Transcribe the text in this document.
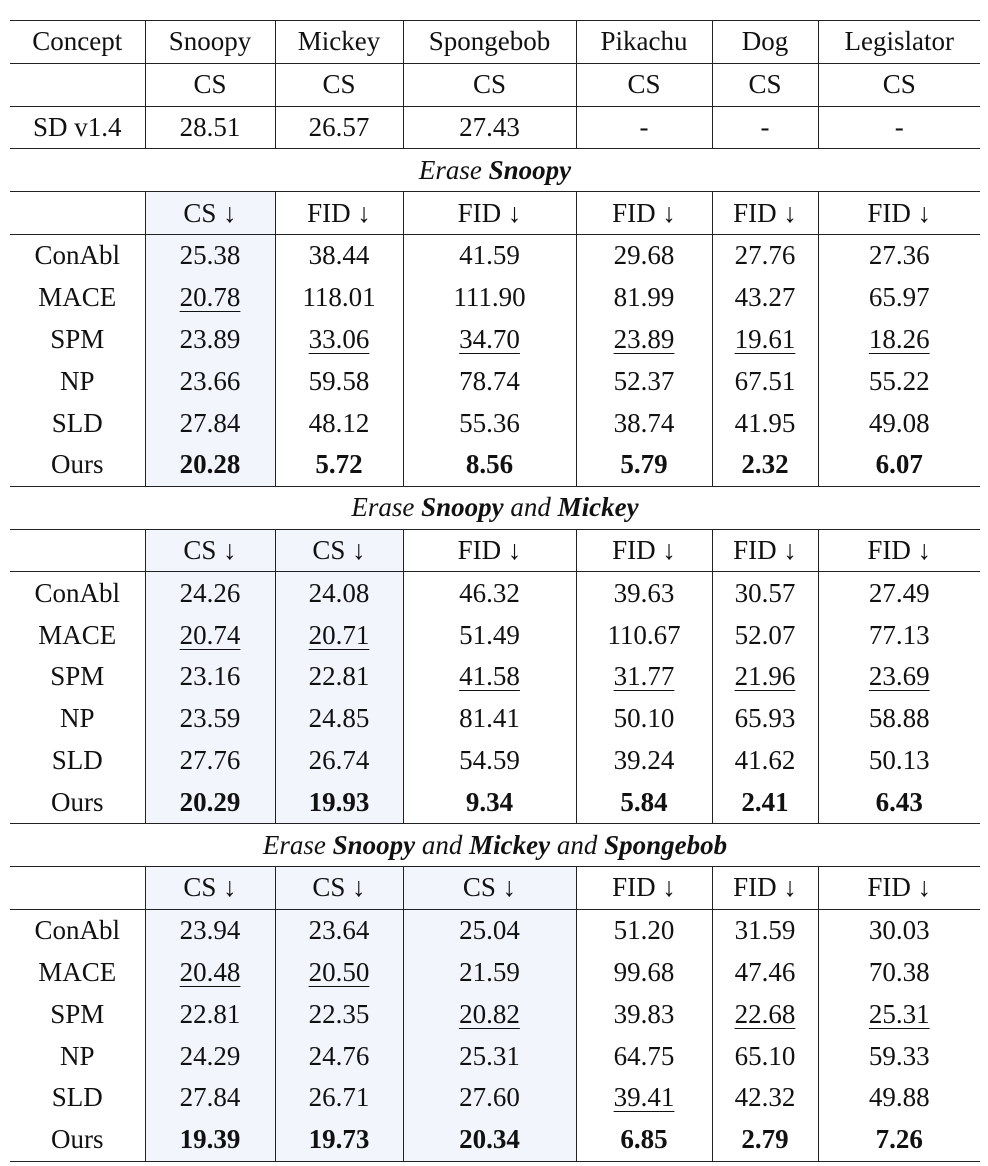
Concept	Snoopy	Mickey	Spongebob	Pikachu	Dog	Legislator
	CS	CS	CS	CS	CS	CS
SD v1.4	28.51	26.57	27.43	-	-	-
Erase Snoopy						
	CS ↓	FID ↓	FID ↓	FID ↓	FID ↓	FID ↓
ConAbl	25.38	38.44	41.59	29.68	27.76	27.36
MACE	20.78	118.01	111.90	81.99	43.27	65.97
SPM	23.89	33.06	34.70	23.89	19.61	18.26
NP	23.66	59.58	78.74	52.37	67.51	55.22
SLD	27.84	48.12	55.36	38.74	41.95	49.08
Ours	20.28	5.72	8.56	5.79	2.32	6.07
Erase Snoopy and Mickey						
	CS ↓	CS ↓	FID ↓	FID ↓	FID ↓	FID ↓
ConAbl	24.26	24.08	46.32	39.63	30.57	27.49
MACE	20.74	20.71	51.49	110.67	52.07	77.13
SPM	23.16	22.81	41.58	31.77	21.96	23.69
NP	23.59	24.85	81.41	50.10	65.93	58.88
SLD	27.76	26.74	54.59	39.24	41.62	50.13
Ours	20.29	19.93	9.34	5.84	2.41	6.43
Erase Snoopy and Mickey and Spongebob						
	CS ↓	CS ↓	CS ↓	FID ↓	FID ↓	FID ↓
ConAbl	23.94	23.64	25.04	51.20	31.59	30.03
MACE	20.48	20.50	21.59	99.68	47.46	70.38
SPM	22.81	22.35	20.82	39.83	22.68	25.31
NP	24.29	24.76	25.31	64.75	65.10	59.33
SLD	27.84	26.71	27.60	39.41	42.32	49.88
Ours	19.39	19.73	20.34	6.85	2.79	7.26
